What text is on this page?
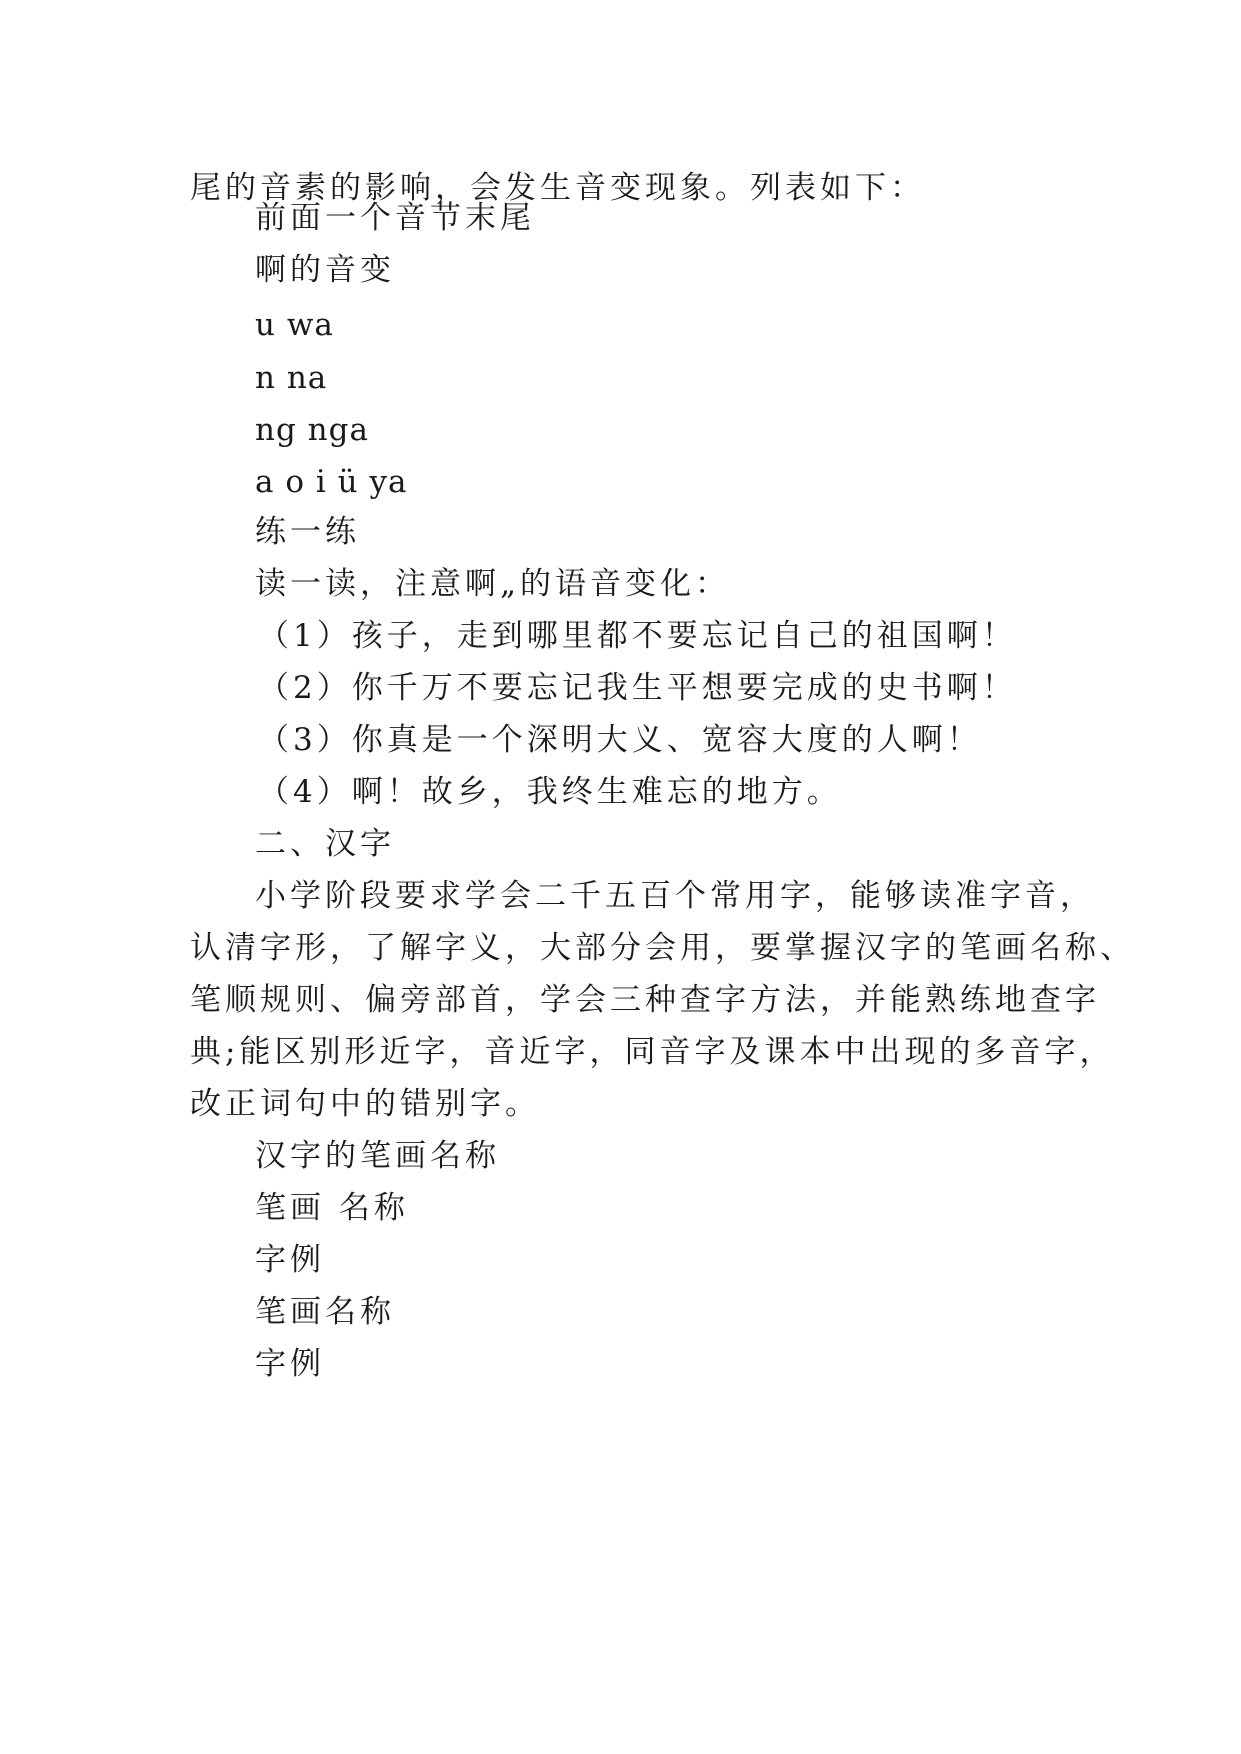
尾的音素的影响，会发生音变现象。列表如下：
前面一个音节末尾
啊的音变
u wa
n na
ng nga
a o i ü ya
练一练
读一读，注意啊„的语音变化：
（1）孩子，走到哪里都不要忘记自己的祖国啊！
（2）你千万不要忘记我生平想要完成的史书啊！
（3）你真是一个深明大义、宽容大度的人啊！
（4）啊！故乡，我终生难忘的地方。
二、汉字
小学阶段要求学会二千五百个常用字，能够读准字音，
认清字形，了解字义，大部分会用，要掌握汉字的笔画名称、
笔顺规则、偏旁部首，学会三种查字方法，并能熟练地查字
典;能区别形近字，音近字，同音字及课本中出现的多音字，
改正词句中的错别字。
汉字的笔画名称
笔画 名称
字例
笔画名称
字例
